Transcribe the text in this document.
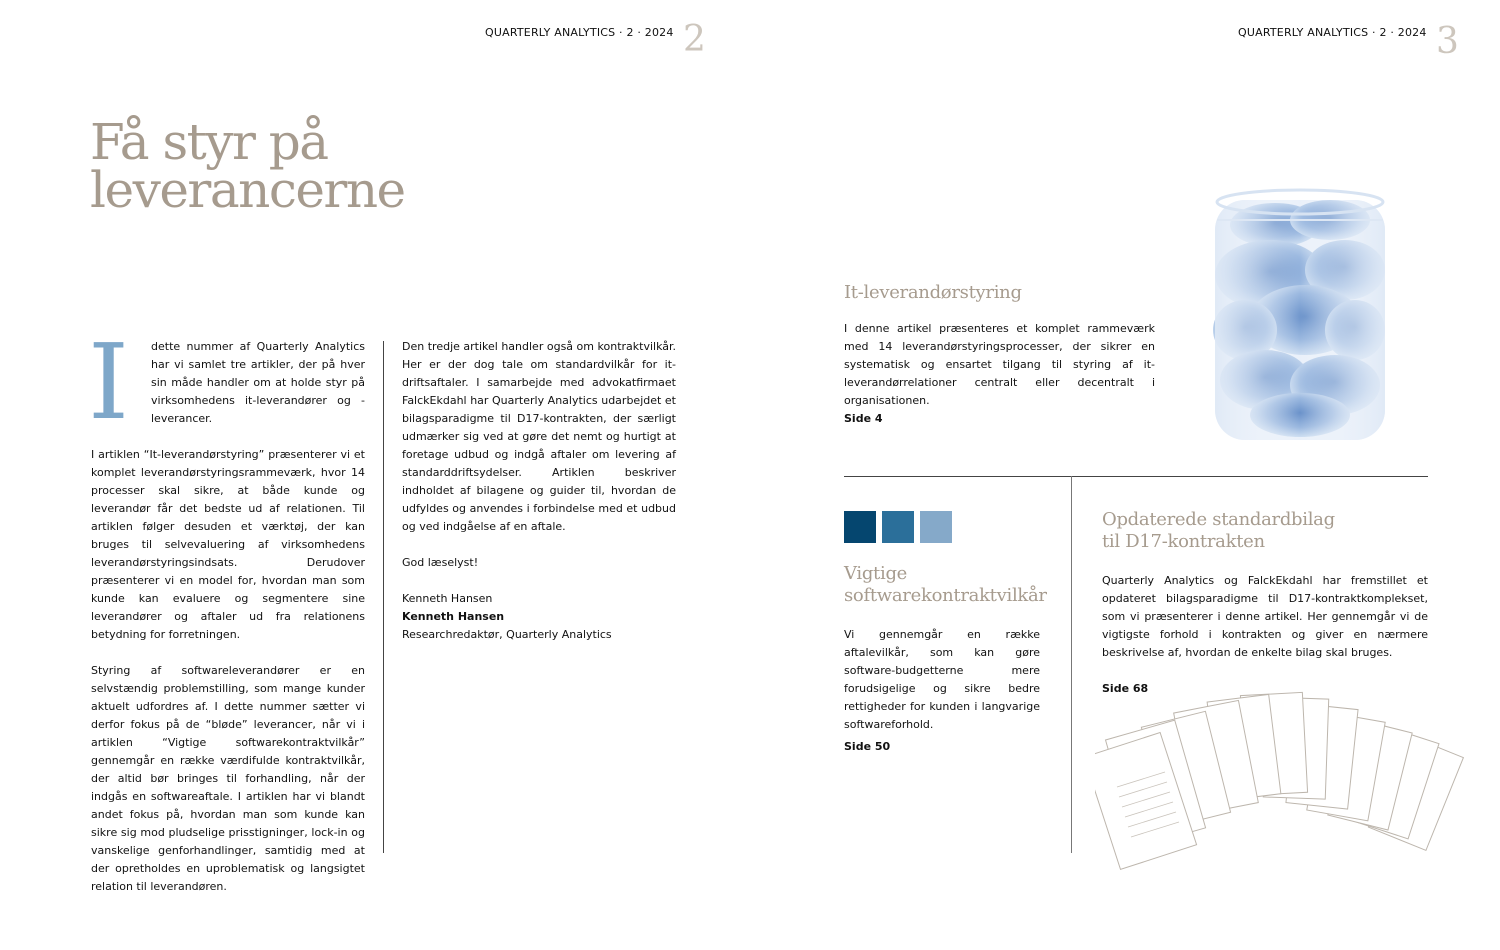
QUARTERLY ANALYTICS · 2 · 2024 2
Få styr på
leverancerne
I dette nummer af Quarterly Analytics har vi samlet tre artikler, der på hver sin måde handler om at holde styr på virksomhedens it-leverandører og -leverancer.

I artiklen “It-leverandørstyring” præsenterer vi et komplet leverandørstyringsrammeværk, hvor 14 processer skal sikre, at både kunde og leverandør får det bedste ud af relationen. Til artiklen følger desuden et værktøj, der kan bruges til selvevaluering af virksomhedens leverandørstyringsindsats. Derudover præsenterer vi en model for, hvordan man som kunde kan evaluere og segmentere sine leverandører og aftaler ud fra relationens betydning for forretningen.

Styring af softwareleverandører er en selvstændig problemstilling, som mange kunder aktuelt udfordres af. I dette nummer sætter vi derfor fokus på de “bløde” leverancer, når vi i artiklen “Vigtige softwarekontraktvilkår” gennemgår en række værdifulde kontraktvilkår, der altid bør bringes til forhandling, når der indgås en softwareaftale. I artiklen har vi blandt andet fokus på, hvordan man som kunde kan sikre sig mod pludselige prisstigninger, lock-in og vanskelige genforhandlinger, samtidig med at der opretholdes en uproblematisk og langsigtet relation til leverandøren.

Den tredje artikel handler også om kontraktvilkår. Her er der dog tale om standardvilkår for it-driftsaftaler. I samarbejde med advokatfirmaet FalckEkdahl har Quarterly Analytics udarbejdet et bilagsparadigme til D17-kontrakten, der særligt udmærker sig ved at gøre det nemt og hurtigt at foretage udbud og indgå aftaler om levering af standarddriftsydelser. Artiklen beskriver indholdet af bilagene og guider til, hvordan de udfyldes og anvendes i forbindelse med et udbud og ved indgåelse af en aftale.

God læselyst!

Kenneth Hansen
Kenneth Hansen
Researchredaktør, Quarterly Analytics
QUARTERLY ANALYTICS · 2 · 2024 3
It-leverandørstyring
I denne artikel præsenteres et komplet rammeværk med 14 leverandørstyringsprocesser, der sikrer en systematisk og ensartet tilgang til styring af it-leverandørrelationer centralt eller decentralt i organisationen.
Side 4
Vigtige
softwarekontraktvilkår
Vi gennemgår en række aftalevilkår, som kan gøre software-budgetterne mere forudsigelige og sikre bedre rettigheder for kunden i langvarige softwareforhold.
Side 50
Opdaterede standardbilag
til D17-kontrakten
Quarterly Analytics og FalckEkdahl har fremstillet et opdateret bilagsparadigme til D17-kontraktkomplekset, som vi præsenterer i denne artikel. Her gennemgår vi de vigtigste forhold i kontrakten og giver en nærmere beskrivelse af, hvordan de enkelte bilag skal bruges.
Side 68
